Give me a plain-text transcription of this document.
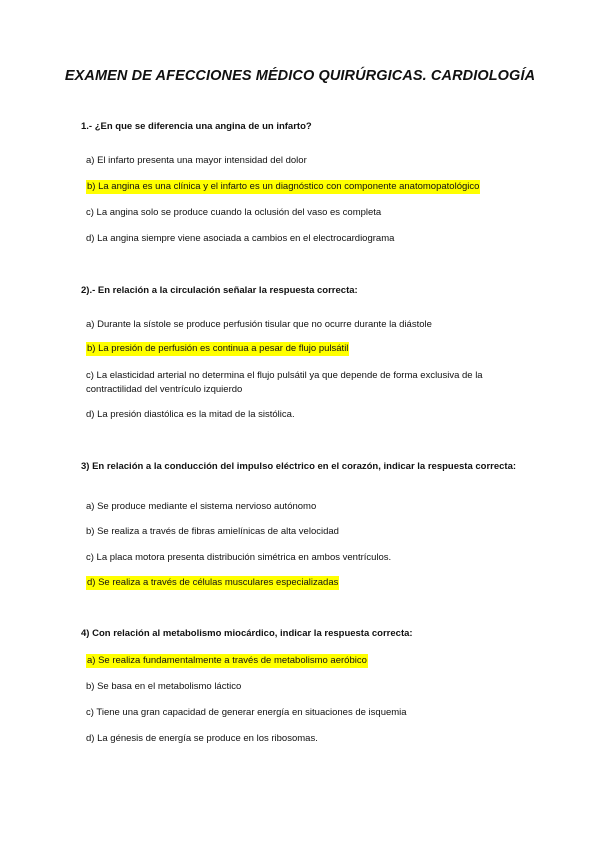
EXAMEN DE AFECCIONES MÉDICO QUIRÚRGICAS. CARDIOLOGÍA
1.- ¿En que se diferencia una angina de un infarto?
a) El infarto presenta una mayor intensidad del dolor
b) La angina es una clínica y el infarto es un diagnóstico con componente anatomopatológico
c) La angina solo se produce cuando la oclusión del vaso es completa
d) La angina siempre viene asociada a cambios en el electrocardiograma
2).- En relación a la circulación señalar la respuesta correcta:
a) Durante la sístole se produce perfusión tisular que no ocurre durante la diástole
b) La presión de perfusión es continua a pesar de flujo pulsátil
c) La elasticidad arterial no determina el flujo pulsátil ya que depende de forma exclusiva de la contractilidad del ventrículo izquierdo
d) La presión diastólica es la mitad de la sistólica.
3) En relación a la conducción del impulso eléctrico en el corazón, indicar la respuesta correcta:
a) Se produce mediante el sistema nervioso autónomo
b) Se realiza a través de fibras amielínicas de alta velocidad
c) La placa motora presenta distribución simétrica en ambos ventrículos.
d) Se realiza a través de células musculares especializadas
4) Con relación al metabolismo miocárdico, indicar la respuesta correcta:
a) Se realiza fundamentalmente a través de metabolismo aeróbico
b) Se basa en el metabolismo láctico
c) Tiene una gran capacidad de generar energía en situaciones de isquemia
d) La génesis de energía se produce en los ribosomas.
